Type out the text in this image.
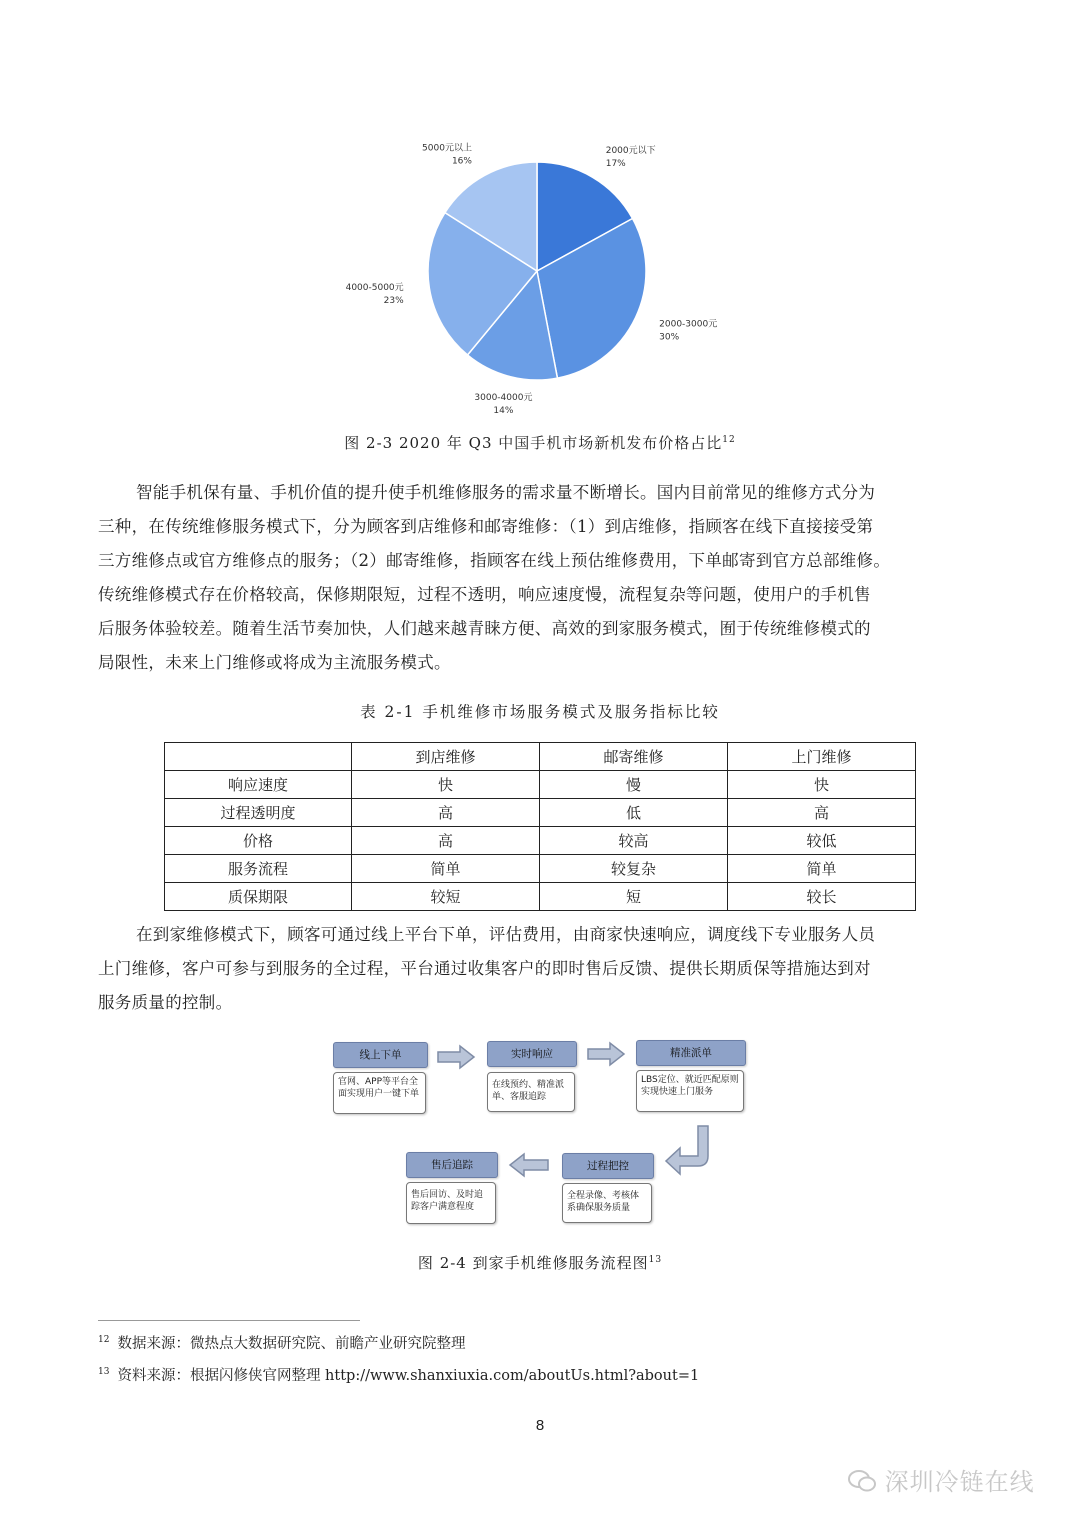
2000元以下
17%
2000-3000元
30%
3000-4000元
14%
4000-5000元
23%
5000元以上
16%
图 2-3 2020 年 Q3 中国手机市场新机发布价格占比$^{12}$
智能手机保有量、手机价值的提升使手机维修服务的需求量不断增长。国内目前常见的维修方式分为
三种，在传统维修服务模式下，分为顾客到店维修和邮寄维修：（1）到店维修，指顾客在线下直接接受第
三方维修点或官方维修点的服务；（2）邮寄维修，指顾客在线上预估维修费用，下单邮寄到官方总部维修。
传统维修模式存在价格较高，保修期限短，过程不透明，响应速度慢，流程复杂等问题，使用户的手机售
后服务体验较差。随着生活节奏加快，人们越来越青睐方便、高效的到家服务模式，囿于传统维修模式的
局限性，未来上门维修或将成为主流服务模式。
表 2-1 手机维修市场服务模式及服务指标比较
	到店维修	邮寄维修	上门维修
响应速度	快	慢	快
过程透明度	高	低	高
价格	高	较高	较低
服务流程	简单	较复杂	简单
质保期限	较短	短	较长
在到家维修模式下，顾客可通过线上平台下单，评估费用，由商家快速响应，调度线下专业服务人员
上门维修，客户可参与到服务的全过程，平台通过收集客户的即时售后反馈、提供长期质保等措施达到对
服务质量的控制。
线上下单
官网、APP等平台全面实现用户一键下单
实时响应
在线预约、精准派单、客服追踪
精准派单
LBS定位、就近匹配原则实现快速上门服务
过程把控
全程录像、考核体系确保服务质量
售后追踪
售后回访、及时追踪客户满意程度
图 2-4 到家手机维修服务流程图$^{13}$
$^{12}$ 数据来源：微热点大数据研究院、前瞻产业研究院整理
$^{13}$ 资料来源：根据闪修侠官网整理 http://www.shanxiuxia.com/aboutUs.html?about=1
8
深圳冷链在线
